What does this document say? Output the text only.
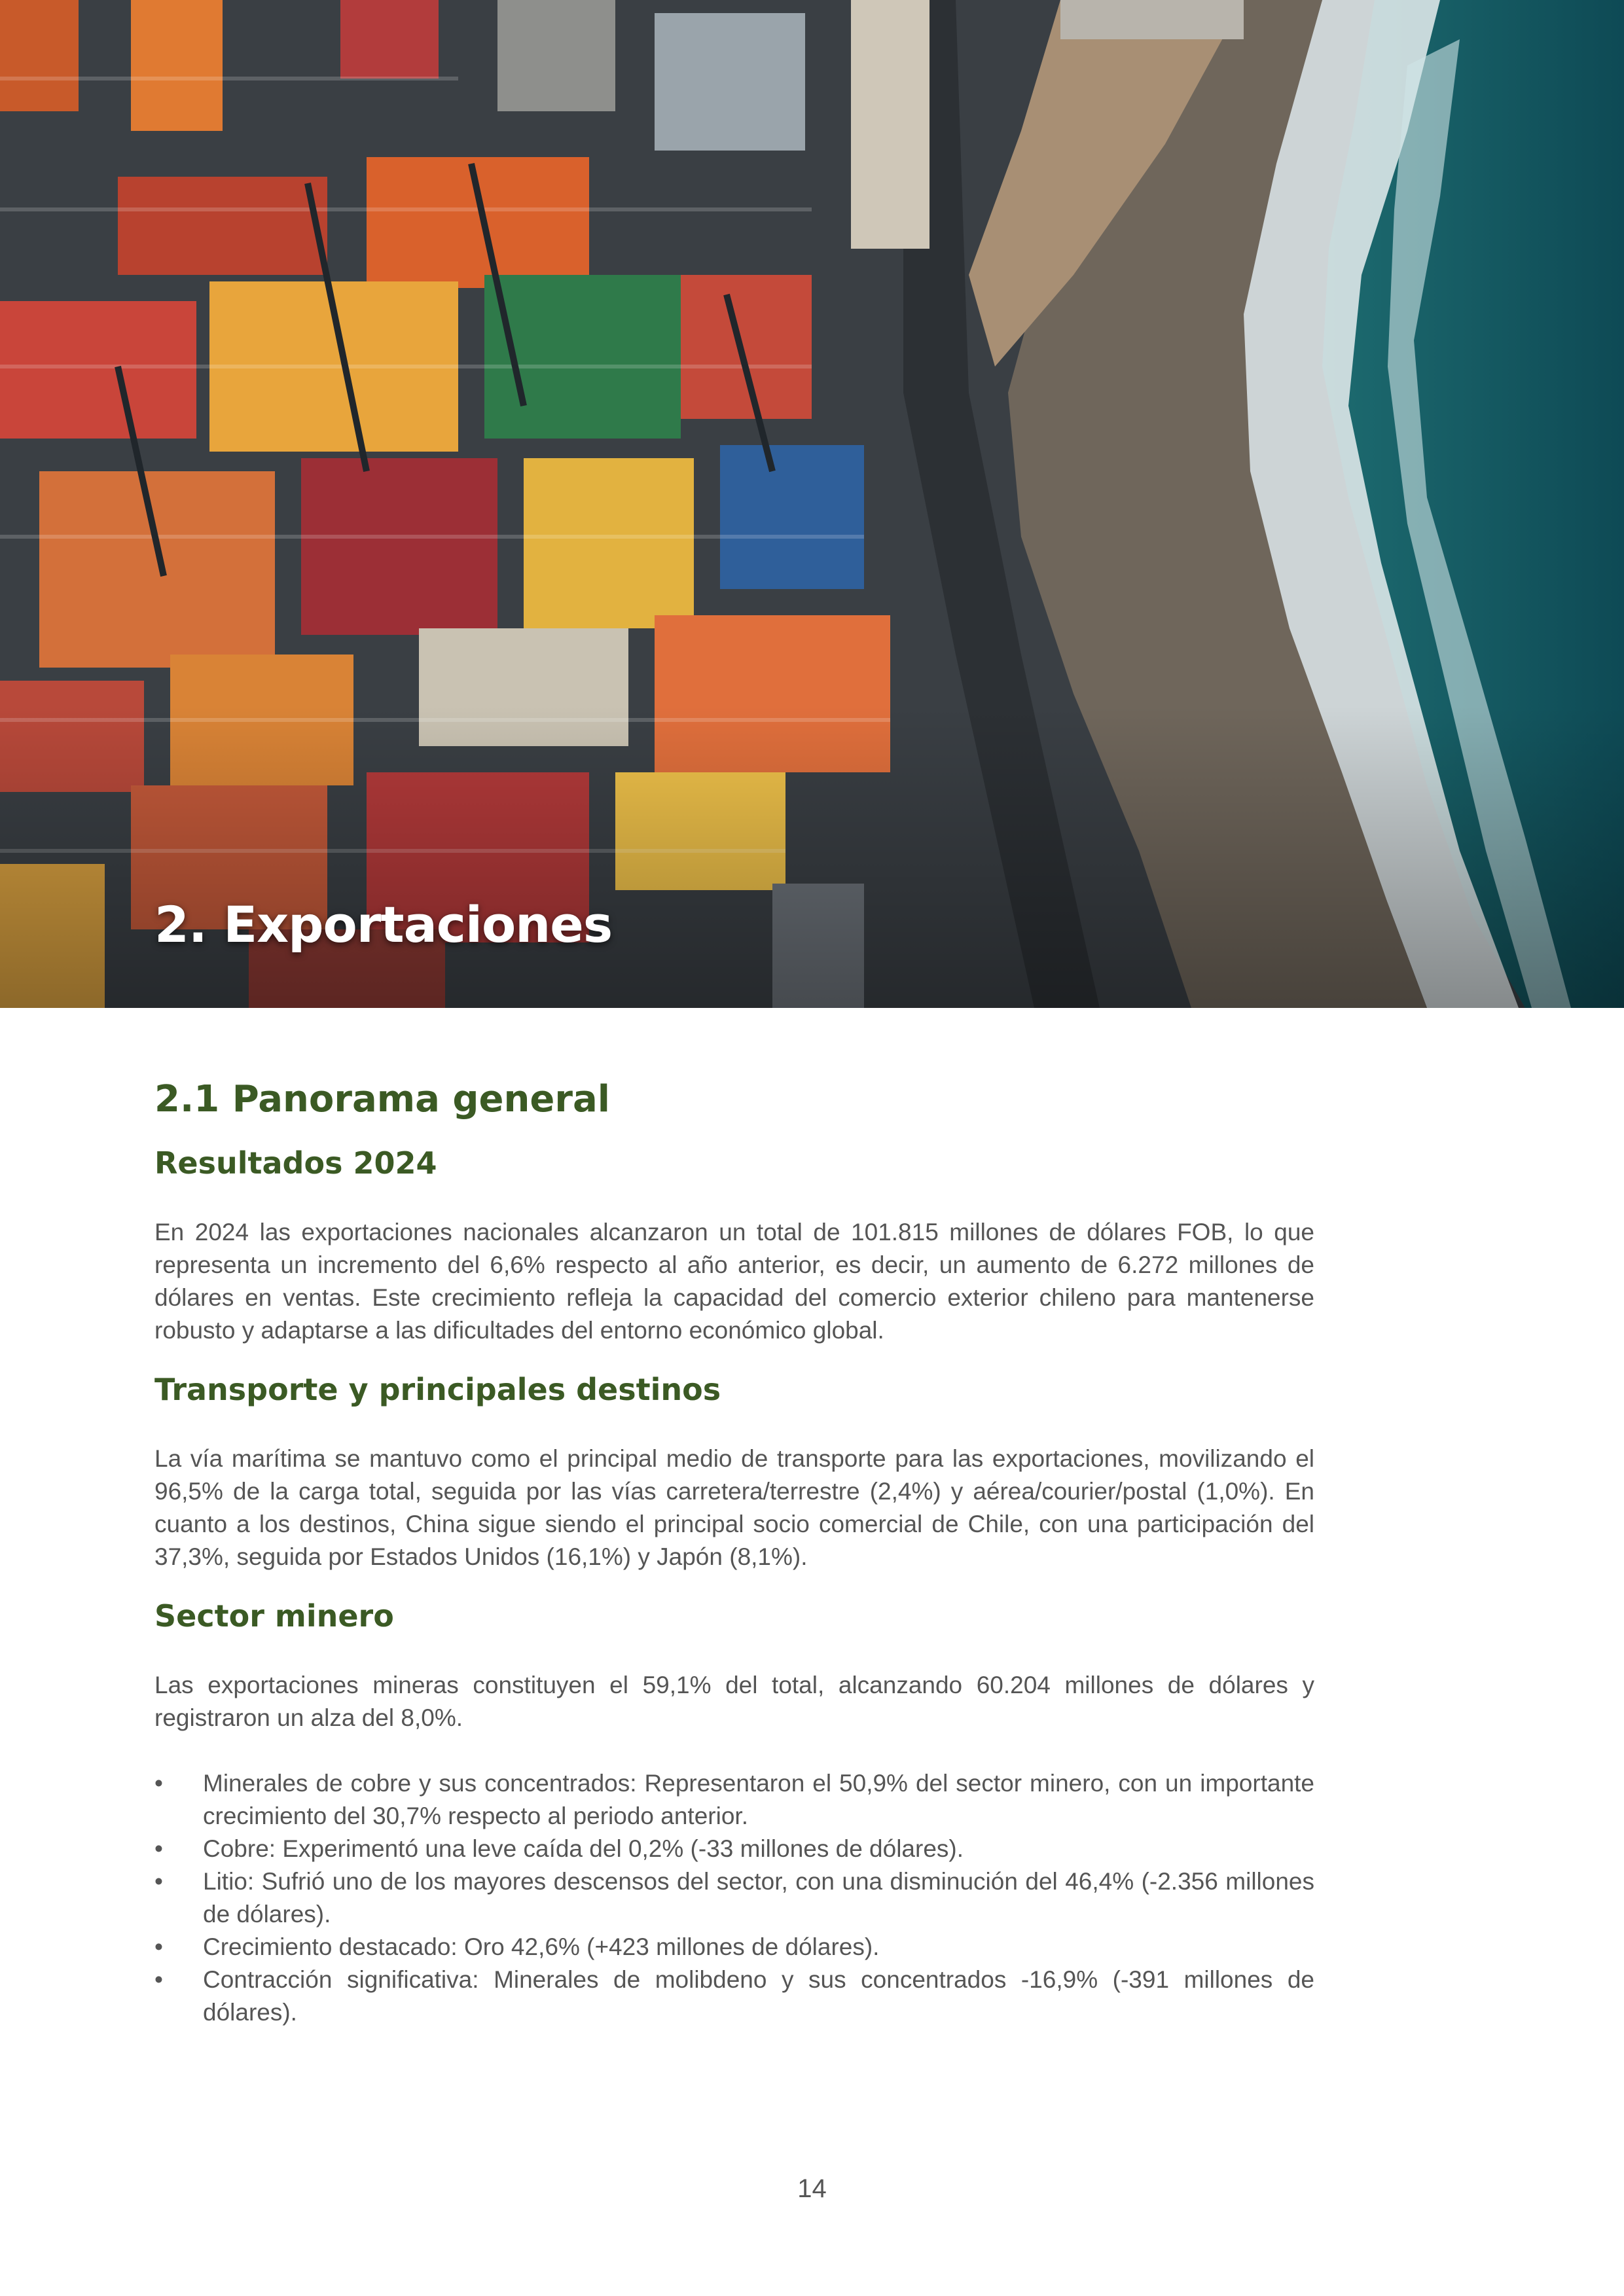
2. Exportaciones
2.1 Panorama general
Resultados 2024

En 2024 las exportaciones nacionales alcanzaron un total de 101.815 millones de dólares FOB, lo que representa un incremento del 6,6% respecto al año anterior, es decir, un aumento de 6.272 millones de dólares en ventas. Este crecimiento refleja la capacidad del comercio exterior chileno para mantenerse robusto y adaptarse a las dificultades del entorno económico global.

Transporte y principales destinos

La vía marítima se mantuvo como el principal medio de transporte para las exportaciones, movilizando el 96,5% de la carga total, seguida por las vías carretera/terrestre (2,4%) y aérea/courier/postal (1,0%). En cuanto a los destinos, China sigue siendo el principal socio comercial de Chile, con una participación del 37,3%, seguida por Estados Unidos (16,1%) y Japón (8,1%).

Sector minero

Las exportaciones mineras constituyen el 59,1% del total, alcanzando 60.204 millones de dólares y registraron un alza del 8,0%.

• Minerales de cobre y sus concentrados: Representaron el 50,9% del sector minero, con un importante crecimiento del 30,7% respecto al periodo anterior.
• Cobre: Experimentó una leve caída del 0,2% (-33 millones de dólares).
• Litio: Sufrió uno de los mayores descensos del sector, con una disminución del 46,4% (-2.356 millones de dólares).
• Crecimiento destacado: Oro 42,6% (+423 millones de dólares).
• Contracción significativa: Minerales de molibdeno y sus concentrados -16,9% (-391 millones de dólares).
14
